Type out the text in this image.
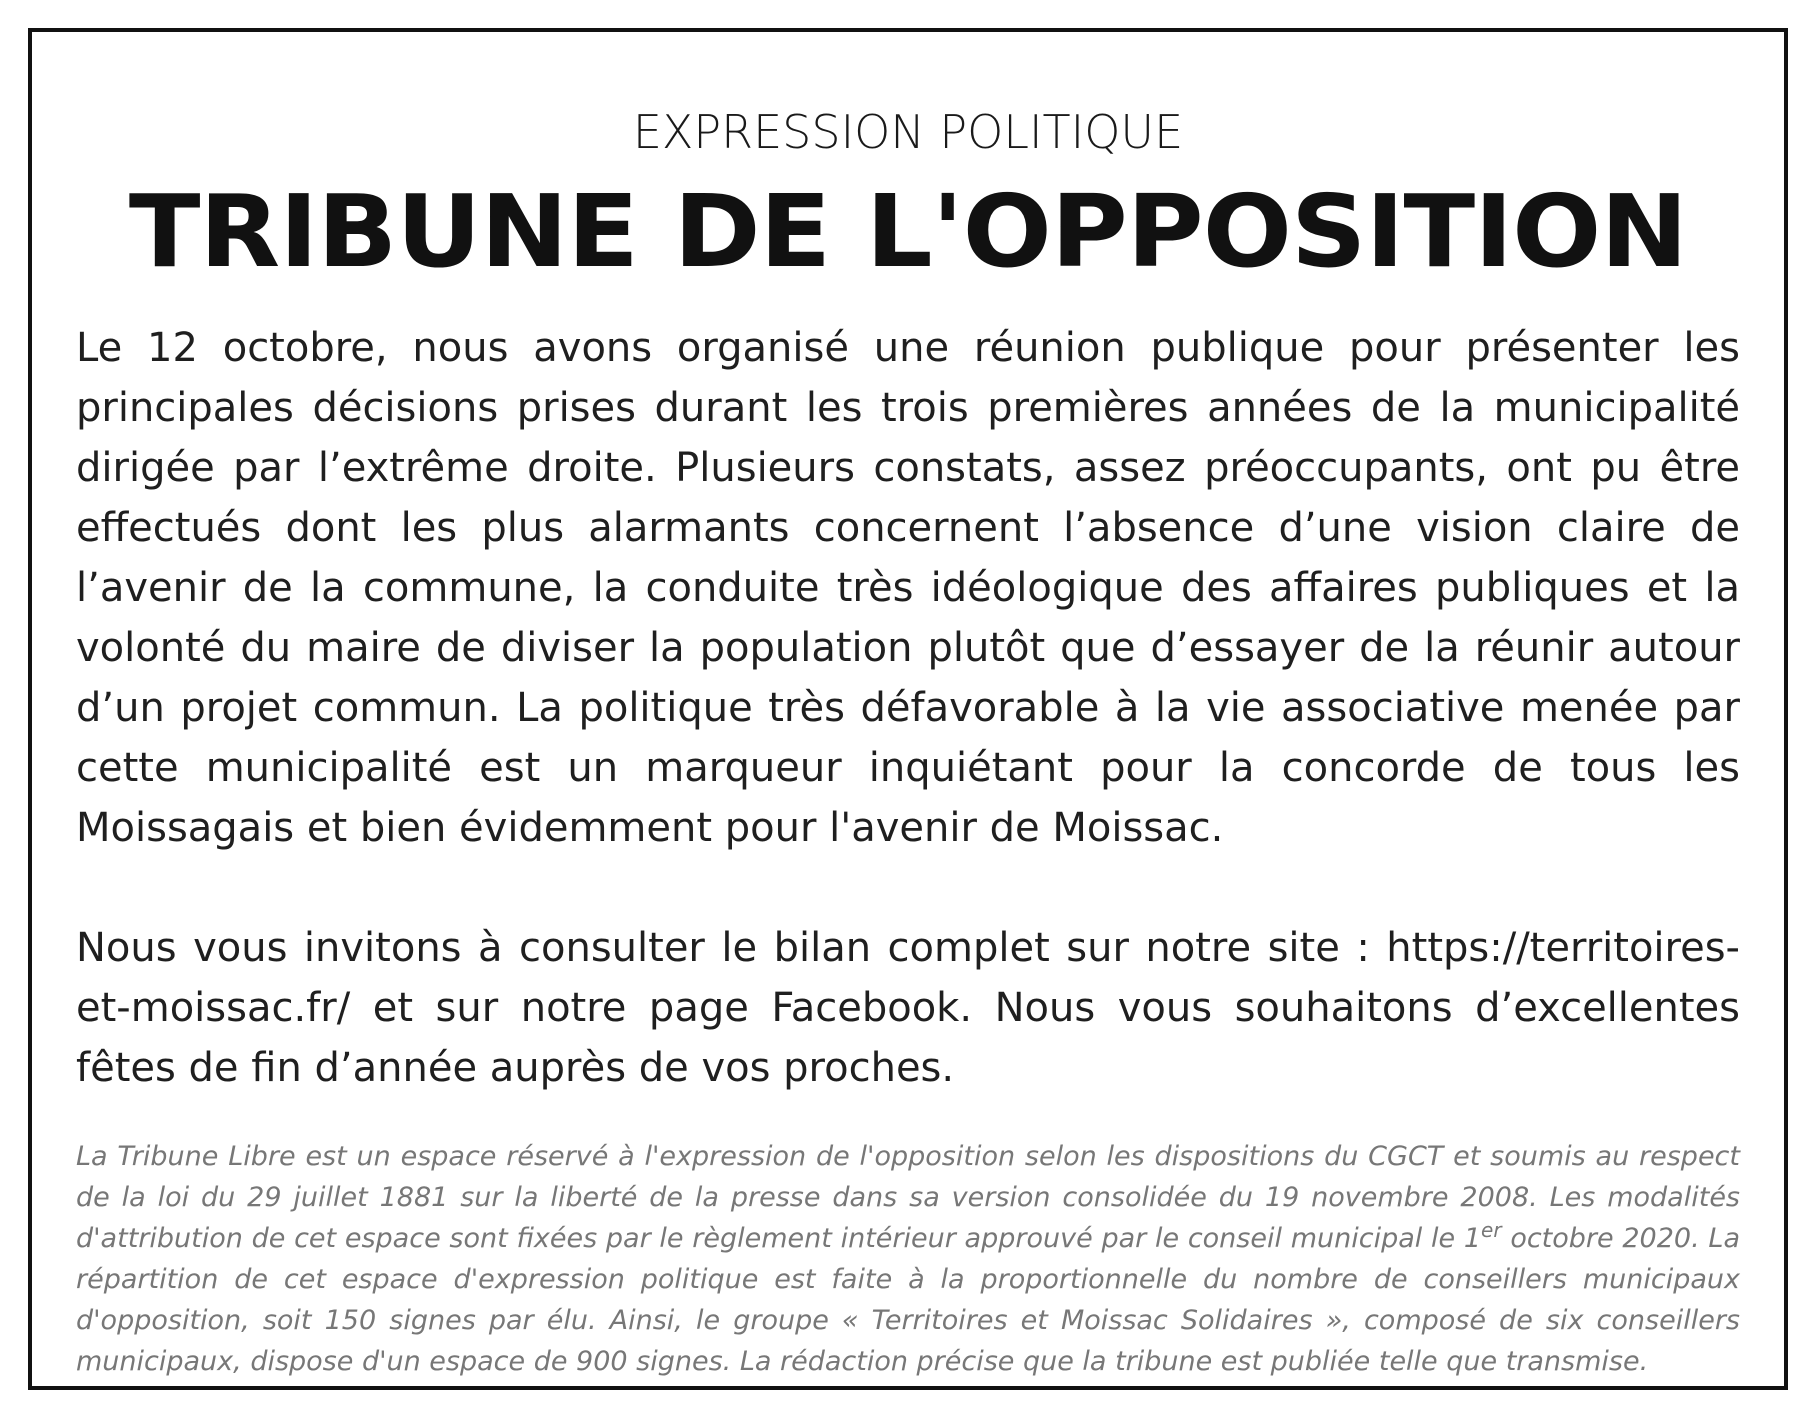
EXPRESSION POLITIQUE
TRIBUNE DE L'OPPOSITION

Le 12 octobre, nous avons organisé une réunion publique pour présenter les principales décisions prises durant les trois premières années de la municipalité dirigée par l’extrême droite. Plusieurs constats, assez préoccupants, ont pu être effectués dont les plus alarmants concernent l’absence d’une vision claire de l’avenir de la commune, la conduite très idéologique des affaires publiques et la volonté du maire de diviser la population plutôt que d’essayer de la réunir autour d’un projet commun. La politique très défavorable à la vie associative menée par cette municipalité est un marqueur inquiétant pour la concorde de tous les Moissagais et bien évidemment pour l'avenir de Moissac.

Nous vous invitons à consulter le bilan complet sur notre site : https://territoires-et-moissac.fr/ et sur notre page Facebook. Nous vous souhaitons d’excellentes fêtes de fin d’année auprès de vos proches.

La Tribune Libre est un espace réservé à l'expression de l'opposition selon les dispositions du CGCT et soumis au respect de la loi du 29 juillet 1881 sur la liberté de la presse dans sa version consolidée du 19 novembre 2008. Les modalités d'attribution de cet espace sont fixées par le règlement intérieur approuvé par le conseil municipal le 1er octobre 2020. La répartition de cet espace d'expression politique est faite à la proportionnelle du nombre de conseillers municipaux d'opposition, soit 150 signes par élu. Ainsi, le groupe « Territoires et Moissac Solidaires », composé de six conseillers municipaux, dispose d'un espace de 900 signes. La rédaction précise que la tribune est publiée telle que transmise.
